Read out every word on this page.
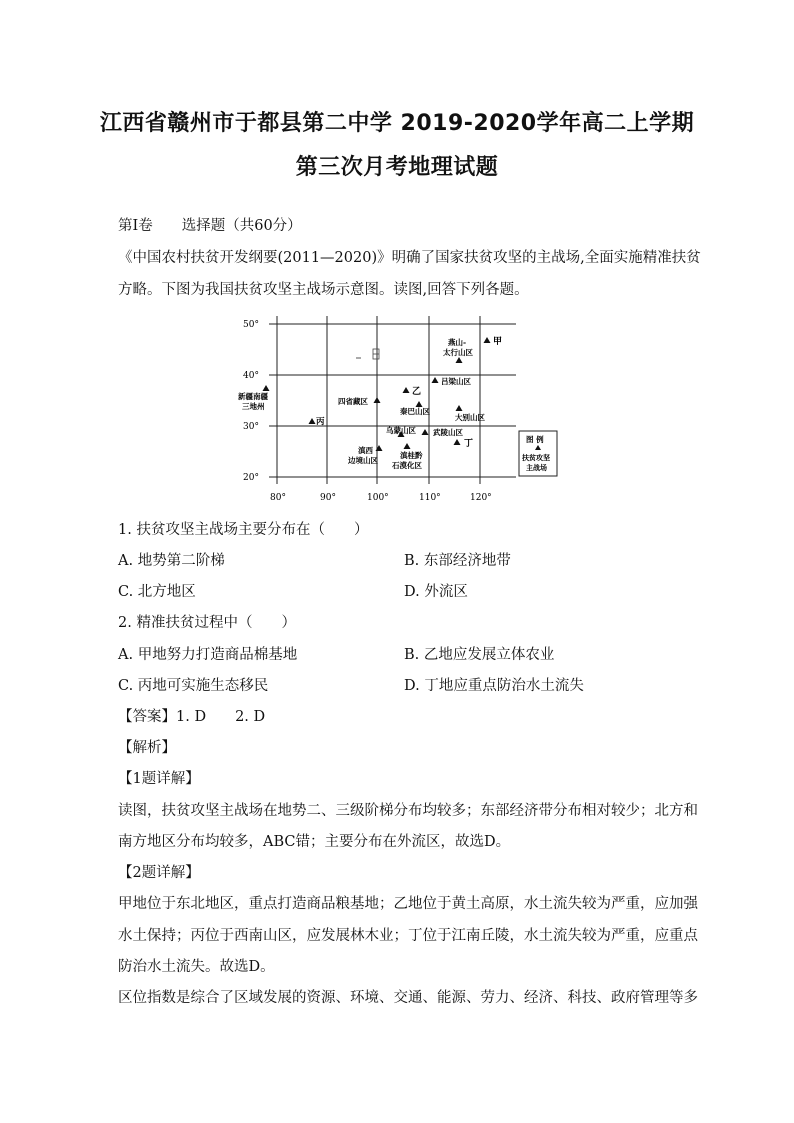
江西省赣州市于都县第二中学 2019-2020学年高二上学期
第三次月考地理试题
第Ⅰ卷　　选择题（共60分）
《中国农村扶贫开发纲要(2011—2020)》明确了国家扶贫攻坚的主战场,全面实施精准扶贫
方略。下图为我国扶贫攻坚主战场示意图。读图,回答下列各题。
50°
40°
30°
20°
80°	90°	100°	110°	120°
新疆南疆
三地州
丙
四省藏区
乙
秦巴山区
吕梁山区
燕山-
太行山区
甲
大别山区
武陵山区
丁
乌蒙山区
滇西
边境山区
滇桂黔
石漠化区
图 例
扶贫攻坚
主战场
1. 扶贫攻坚主战场主要分布在（　　）
A. 地势第二阶梯	B. 东部经济地带
C. 北方地区	D. 外流区
2. 精准扶贫过程中（　　）
A. 甲地努力打造商品棉基地	B. 乙地应发展立体农业
C. 丙地可实施生态移民	D. 丁地应重点防治水土流失
【答案】1. D　　2. D
【解析】
【1题详解】
读图，扶贫攻坚主战场在地势二、三级阶梯分布均较多；东部经济带分布相对较少；北方和
南方地区分布均较多，ABC错；主要分布在外流区，故选D。
【2题详解】
甲地位于东北地区，重点打造商品粮基地；乙地位于黄土高原，水土流失较为严重，应加强
水土保持；丙位于西南山区，应发展林木业；丁位于江南丘陵，水土流失较为严重，应重点
防治水土流失。故选D。
区位指数是综合了区域发展的资源、环境、交通、能源、劳力、经济、科技、政府管理等多
